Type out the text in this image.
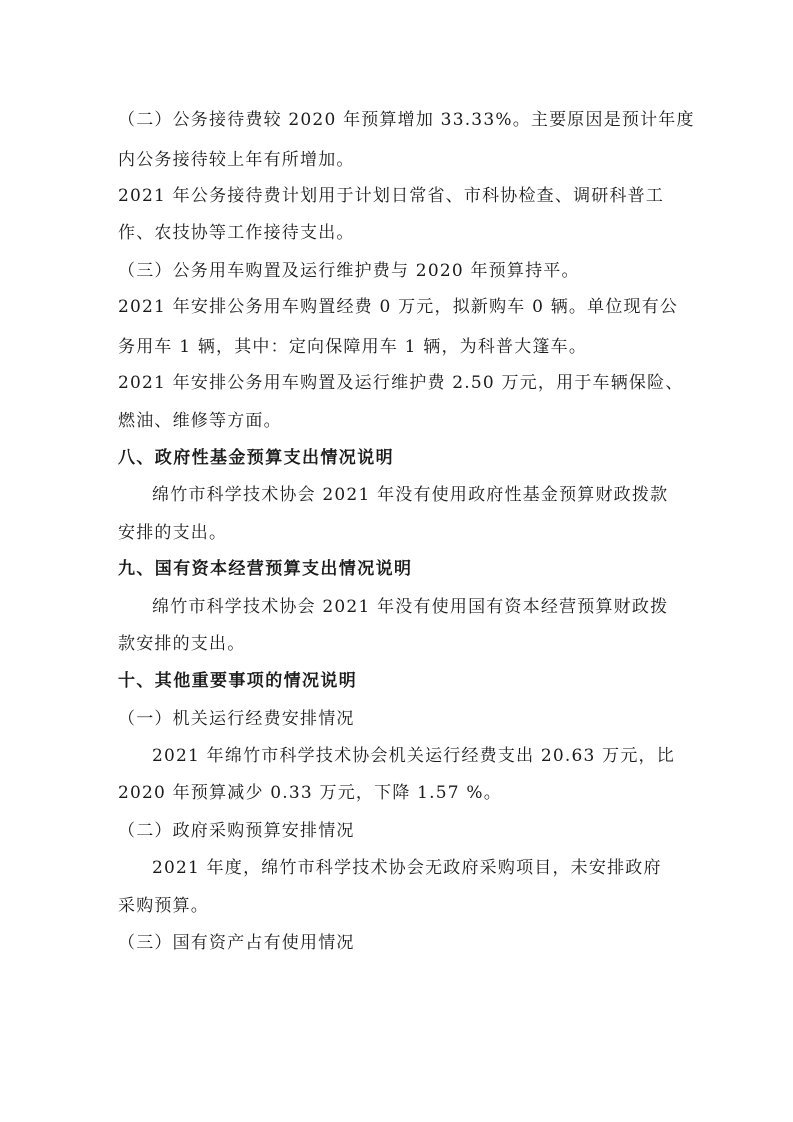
（二）公务接待费较 2020 年预算增加 33.33%。主要原因是预计年度
内公务接待较上年有所增加。
2021 年公务接待费计划用于计划日常省、市科协检查、调研科普工
作、农技协等工作接待支出。
（三）公务用车购置及运行维护费与 2020 年预算持平。
2021 年安排公务用车购置经费 0 万元，拟新购车 0 辆。单位现有公
务用车 1 辆，其中：定向保障用车 1 辆，为科普大篷车。
2021 年安排公务用车购置及运行维护费 2.50 万元，用于车辆保险、
燃油、维修等方面。
八、政府性基金预算支出情况说明
绵竹市科学技术协会 2021 年没有使用政府性基金预算财政拨款
安排的支出。
九、国有资本经营预算支出情况说明
绵竹市科学技术协会 2021 年没有使用国有资本经营预算财政拨
款安排的支出。
十、其他重要事项的情况说明
（一）机关运行经费安排情况
2021 年绵竹市科学技术协会机关运行经费支出 20.63 万元，比
2020 年预算减少 0.33 万元，下降 1.57 %。
（二）政府采购预算安排情况
2021 年度，绵竹市科学技术协会无政府采购项目，未安排政府
采购预算。
（三）国有资产占有使用情况
